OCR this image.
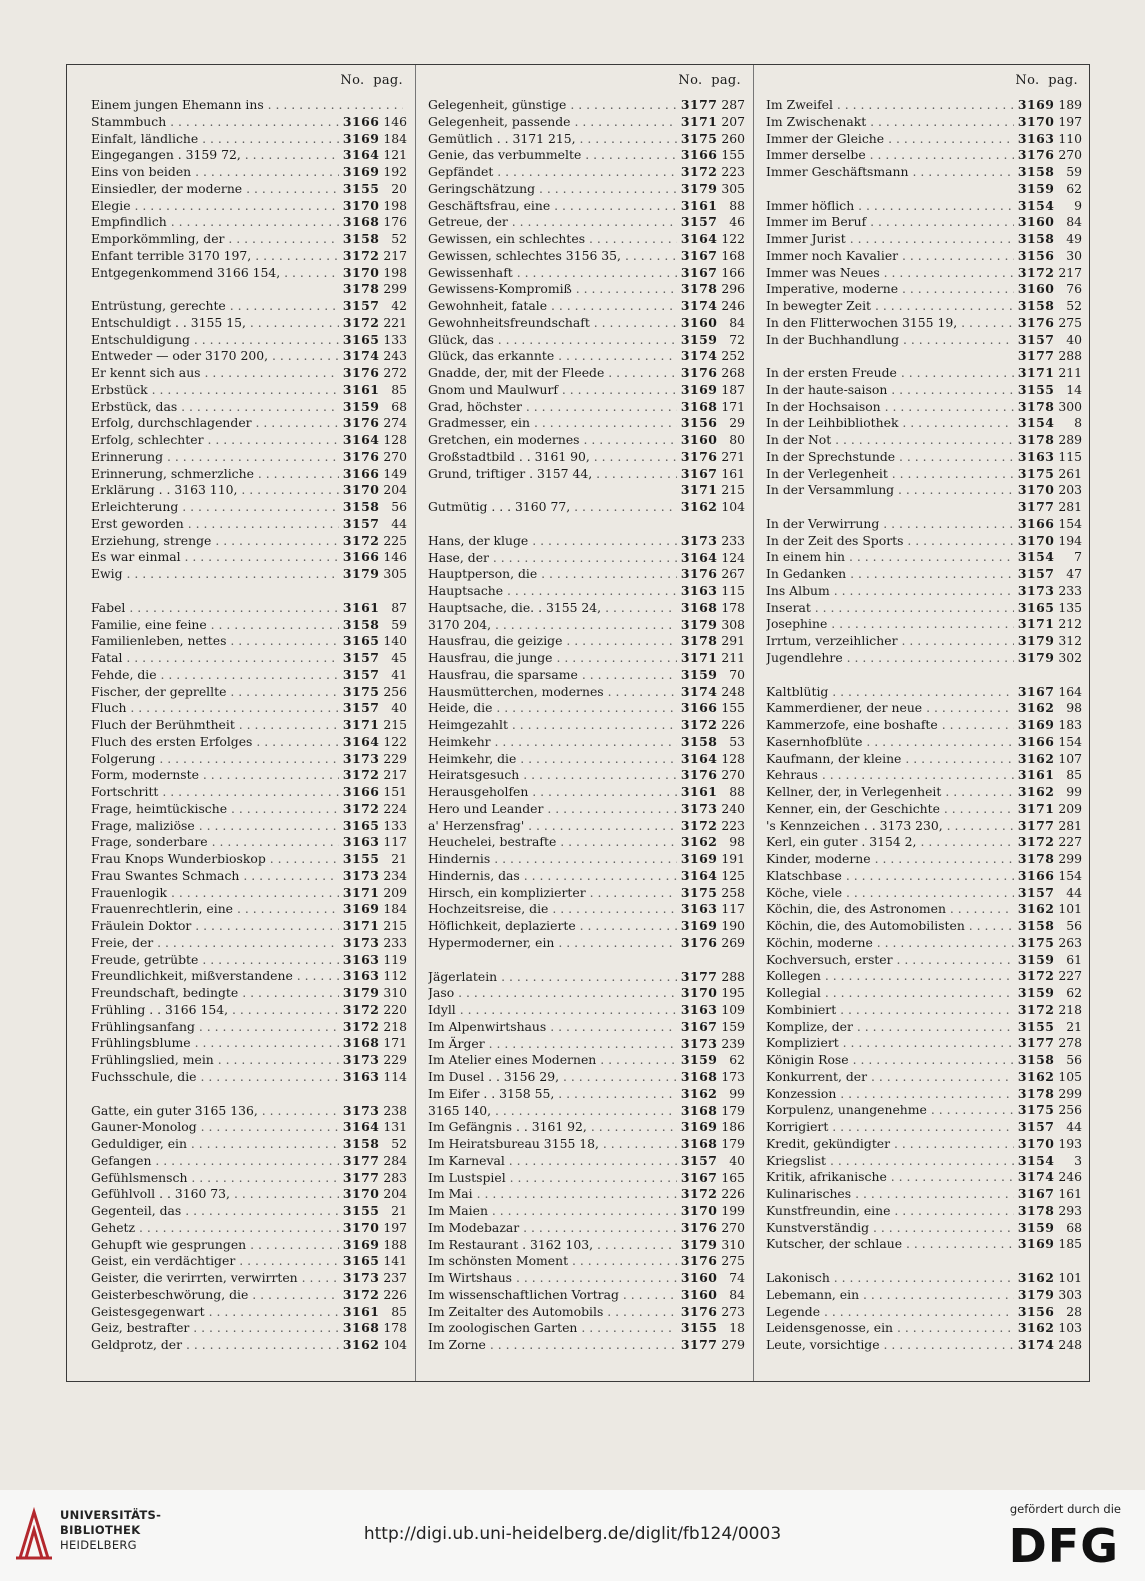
No.  pag.
Einem jungen Ehemann ins . . .
Stammbuch . . .	3166 146
Einfalt, ländliche . . .	3169 184
Eingegangen . 3159 72, . . .	3164 121
Eins von beiden . . .	3169 192
Einsiedler, der moderne . . .	3155  20
Elegie . . .	3170 198
Empfindlich . . .	3168 176
Emporkömmling, der . . .	3158  52
Enfant terrible 3170 197, . . .	3172 217
Entgegenkommend 3166 154, . . .	3170 198
3178 299
Entrüstung, gerechte . . .	3157  42
Entschuldigt . . 3155 15, . . .	3172 221
Entschuldigung . . .	3165 133
Entweder — oder 3170 200, . . .	3174 243
Er kennt sich aus . . .	3176 272
Erbstück . . .	3161  85
Erbstück, das . . .	3159  68
Erfolg, durchschlagender . . .	3176 274
Erfolg, schlechter . . .	3164 128
Erinnerung . . .	3176 270
Erinnerung, schmerzliche . . .	3166 149
Erklärung . . 3163 110, . . .	3170 204
Erleichterung . . .	3158  56
Erst geworden . . .	3157  44
Erziehung, strenge . . .	3172 225
Es war einmal . . .	3166 146
Ewig . . .	3179 305
Fabel . . .	3161  87
Familie, eine feine . . .	3158  59
Familienleben, nettes . . .	3165 140
Fatal . . .	3157  45
Fehde, die . . .	3157  41
Fischer, der geprellte . . .	3175 256
Fluch . . .	3157  40
Fluch der Berühmtheit . . .	3171 215
Fluch des ersten Erfolges . . .	3164 122
Folgerung . . .	3173 229
Form, modernste . . .	3172 217
Fortschritt . . .	3166 151
Frage, heimtückische . . .	3172 224
Frage, maliziöse . . .	3165 133
Frage, sonderbare . . .	3163 117
Frau Knops Wunderbioskop . . .	3155  21
Frau Swantes Schmach . . .	3173 234
Frauenlogik . . .	3171 209
Frauenrechtlerin, eine . . .	3169 184
Fräulein Doktor . . .	3171 215
Freie, der . . .	3173 233
Freude, getrübte . . .	3163 119
Freundlichkeit, mißverstandene . . .	3163 112
Freundschaft, bedingte . . .	3179 310
Frühling . . 3166 154, . . .	3172 220
Frühlingsanfang . . .	3172 218
Frühlingsblume . . .	3168 171
Frühlingslied, mein . . .	3173 229
Fuchsschule, die . . .	3163 114
Gatte, ein guter 3165 136, . . .	3173 238
Gauner-Monolog . . .	3164 131
Geduldiger, ein . . .	3158  52
Gefangen . . .	3177 284
Gefühlsmensch . . .	3177 283
Gefühlvoll . . 3160 73, . . .	3170 204
Gegenteil, das . . .	3155  21
Gehetz . . .	3170 197
Gehupft wie gesprungen . . .	3169 188
Geist, ein verdächtiger . . .	3165 141
Geister, die verirrten, verwirrten . . .	3173 237
Geisterbeschwörung, die . . .	3172 226
Geistesgegenwart . . .	3161  85
Geiz, bestrafter . . .	3168 178
Geldprotz, der . . .	3162 104
No.  pag.
Gelegenheit, günstige . . .	3177 287
Gelegenheit, passende . . .	3171 207
Gemütlich . . 3171 215, . . .	3175 260
Genie, das verbummelte . . .	3166 155
Gepfändet . . .	3172 223
Geringschätzung . . .	3179 305
Geschäftsfrau, eine . . .	3161  88
Getreue, der . . .	3157  46
Gewissen, ein schlechtes . . .	3164 122
Gewissen, schlechtes 3156 35, . . .	3167 168
Gewissenhaft . . .	3167 166
Gewissens-Kompromiß . . .	3178 296
Gewohnheit, fatale . . .	3174 246
Gewohnheitsfreundschaft . . .	3160  84
Glück, das . . .	3159  72
Glück, das erkannte . . .	3174 252
Gnadde, der, mit der Fleede . . .	3176 268
Gnom und Maulwurf . . .	3169 187
Grad, höchster . . .	3168 171
Gradmesser, ein . . .	3156  29
Gretchen, ein modernes . . .	3160  80
Großstadtbild . . 3161 90, . . .	3176 271
Grund, triftiger . 3157 44, . . .	3167 161
3171 215
Gutmütig . . . 3160 77, . . .	3162 104
Hans, der kluge . . .	3173 233
Hase, der . . .	3164 124
Hauptperson, die . . .	3176 267
Hauptsache . . .	3163 115
Hauptsache, die. . 3155 24, . . .	3168 178
3170 204, . . .	3179 308
Hausfrau, die geizige . . .	3178 291
Hausfrau, die junge . . .	3171 211
Hausfrau, die sparsame . . .	3159  70
Hausmütterchen, modernes . . .	3174 248
Heide, die . . .	3166 155
Heimgezahlt . . .	3172 226
Heimkehr . . .	3158  53
Heimkehr, die . . .	3164 128
Heiratsgesuch . . .	3176 270
Herausgeholfen . . .	3161  88
Hero und Leander . . .	3173 240
a' Herzensfrag' . . .	3172 223
Heuchelei, bestrafte . . .	3162  98
Hindernis . . .	3169 191
Hindernis, das . . .	3164 125
Hirsch, ein komplizierter . . .	3175 258
Hochzeitsreise, die . . .	3163 117
Höflichkeit, deplazierte . . .	3169 190
Hypermoderner, ein . . .	3176 269
Jägerlatein . . .	3177 288
Jaso . . .	3170 195
Idyll . . .	3163 109
Im Alpenwirtshaus . . .	3167 159
Im Ärger . . .	3173 239
Im Atelier eines Modernen . . .	3159  62
Im Dusel . . 3156 29, . . .	3168 173
Im Eifer . . 3158 55, . . .	3162  99
3165 140, . . .	3168 179
Im Gefängnis . . 3161 92, . . .	3169 186
Im Heiratsbureau 3155 18, . . .	3168 179
Im Karneval . . .	3157  40
Im Lustspiel . . .	3167 165
Im Mai . . .	3172 226
Im Maien . . .	3170 199
Im Modebazar . . .	3176 270
Im Restaurant . 3162 103, . . .	3179 310
Im schönsten Moment . . .	3176 275
Im Wirtshaus . . .	3160  74
Im wissenschaftlichen Vortrag . . .	3160  84
Im Zeitalter des Automobils . . .	3176 273
Im zoologischen Garten . . .	3155  18
Im Zorne . . .	3177 279
No.  pag.
Im Zweifel . . .	3169 189
Im Zwischenakt . . .	3170 197
Immer der Gleiche . . .	3163 110
Immer derselbe . . .	3176 270
Immer Geschäftsmann . . .	3158  59
3159  62
Immer höflich . . .	3154   9
Immer im Beruf . . .	3160  84
Immer Jurist . . .	3158  49
Immer noch Kavalier . . .	3156  30
Immer was Neues . . .	3172 217
Imperative, moderne . . .	3160  76
In bewegter Zeit . . .	3158  52
In den Flitterwochen 3155 19, . . .	3176 275
In der Buchhandlung . . .	3157  40
3177 288
In der ersten Freude . . .	3171 211
In der haute-saison . . .	3155  14
In der Hochsaison . . .	3178 300
In der Leihbibliothek . . .	3154   8
In der Not . . .	3178 289
In der Sprechstunde . . .	3163 115
In der Verlegenheit . . .	3175 261
In der Versammlung . . .	3170 203
3177 281
In der Verwirrung . . .	3166 154
In der Zeit des Sports . . .	3170 194
In einem hin . . .	3154   7
In Gedanken . . .	3157  47
Ins Album . . .	3173 233
Inserat . . .	3165 135
Josephine . . .	3171 212
Irrtum, verzeihlicher . . .	3179 312
Jugendlehre . . .	3179 302
Kaltblütig . . .	3167 164
Kammerdiener, der neue . . .	3162  98
Kammerzofe, eine boshafte . . .	3169 183
Kasernhofblüte . . .	3166 154
Kaufmann, der kleine . . .	3162 107
Kehraus . . .	3161  85
Kellner, der, in Verlegenheit . . .	3162  99
Kenner, ein, der Geschichte . . .	3171 209
's Kennzeichen . . 3173 230, . . .	3177 281
Kerl, ein guter . 3154 2, . . .	3172 227
Kinder, moderne . . .	3178 299
Klatschbase . . .	3166 154
Köche, viele . . .	3157  44
Köchin, die, des Astronomen . . .	3162 101
Köchin, die, des Automobilisten . . .	3158  56
Köchin, moderne . . .	3175 263
Kochversuch, erster . . .	3159  61
Kollegen . . .	3172 227
Kollegial . . .	3159  62
Kombiniert . . .	3172 218
Komplize, der . . .	3155  21
Kompliziert . . .	3177 278
Königin Rose . . .	3158  56
Konkurrent, der . . .	3162 105
Konzession . . .	3178 299
Korpulenz, unangenehme . . .	3175 256
Korrigiert . . .	3157  44
Kredit, gekündigter . . .	3170 193
Kriegslist . . .	3154   3
Kritik, afrikanische . . .	3174 246
Kulinarisches . . .	3167 161
Kunstfreundin, eine . . .	3178 293
Kunstverständig . . .	3159  68
Kutscher, der schlaue . . .	3169 185
Lakonisch . . .	3162 101
Lebemann, ein . . .	3179 303
Legende . . .	3156  28
Leidensgenosse, ein . . .	3162 103
Leute, vorsichtige . . .	3174 248
UNIVERSITÄTS-
BIBLIOTHEK
HEIDELBERG
http://digi.ub.uni-heidelberg.de/diglit/fb124/0003
gefördert durch die
DFG
